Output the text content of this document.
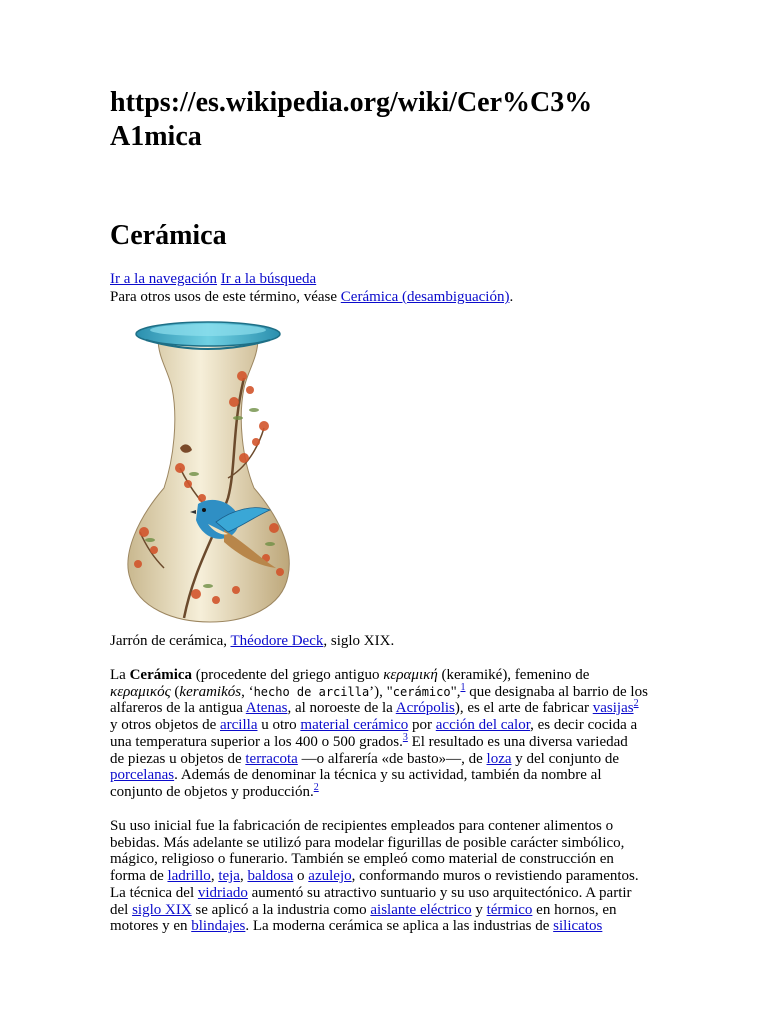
https://es.wikipedia.org/wiki/Cer%C3%
A1mica
Cerámica
Ir a la navegación Ir a la búsqueda
Para otros usos de este término, véase Cerámica (desambiguación).
Jarrón de cerámica, Théodore Deck, siglo XIX.

La Cerámica (procedente del griego antiguo κεραμική (keramiké), femenino de
κεραμικός (keramikós, ‘hecho de arcilla’), "cerámico",$^1$ que designaba al barrio de los
alfareros de la antigua Atenas, al noroeste de la Acrópolis), es el arte de fabricar vasijas$^2$
y otros objetos de arcilla u otro material cerámico por acción del calor, es decir cocida a
una temperatura superior a los 400 o 500 grados.$^3$ El resultado es una diversa variedad
de piezas u objetos de terracota —o alfarería «de basto»—, de loza y del conjunto de
porcelanas. Además de denominar la técnica y su actividad, también da nombre al
conjunto de objetos y producción.$^2$

Su uso inicial fue la fabricación de recipientes empleados para contener alimentos o
bebidas. Más adelante se utilizó para modelar figurillas de posible carácter simbólico,
mágico, religioso o funerario. También se empleó como material de construcción en
forma de ladrillo, teja, baldosa o azulejo, conformando muros o revistiendo paramentos.
La técnica del vidriado aumentó su atractivo suntuario y su uso arquitectónico. A partir
del siglo XIX se aplicó a la industria como aislante eléctrico y térmico en hornos, en
motores y en blindajes. La moderna cerámica se aplica a las industrias de silicatos
